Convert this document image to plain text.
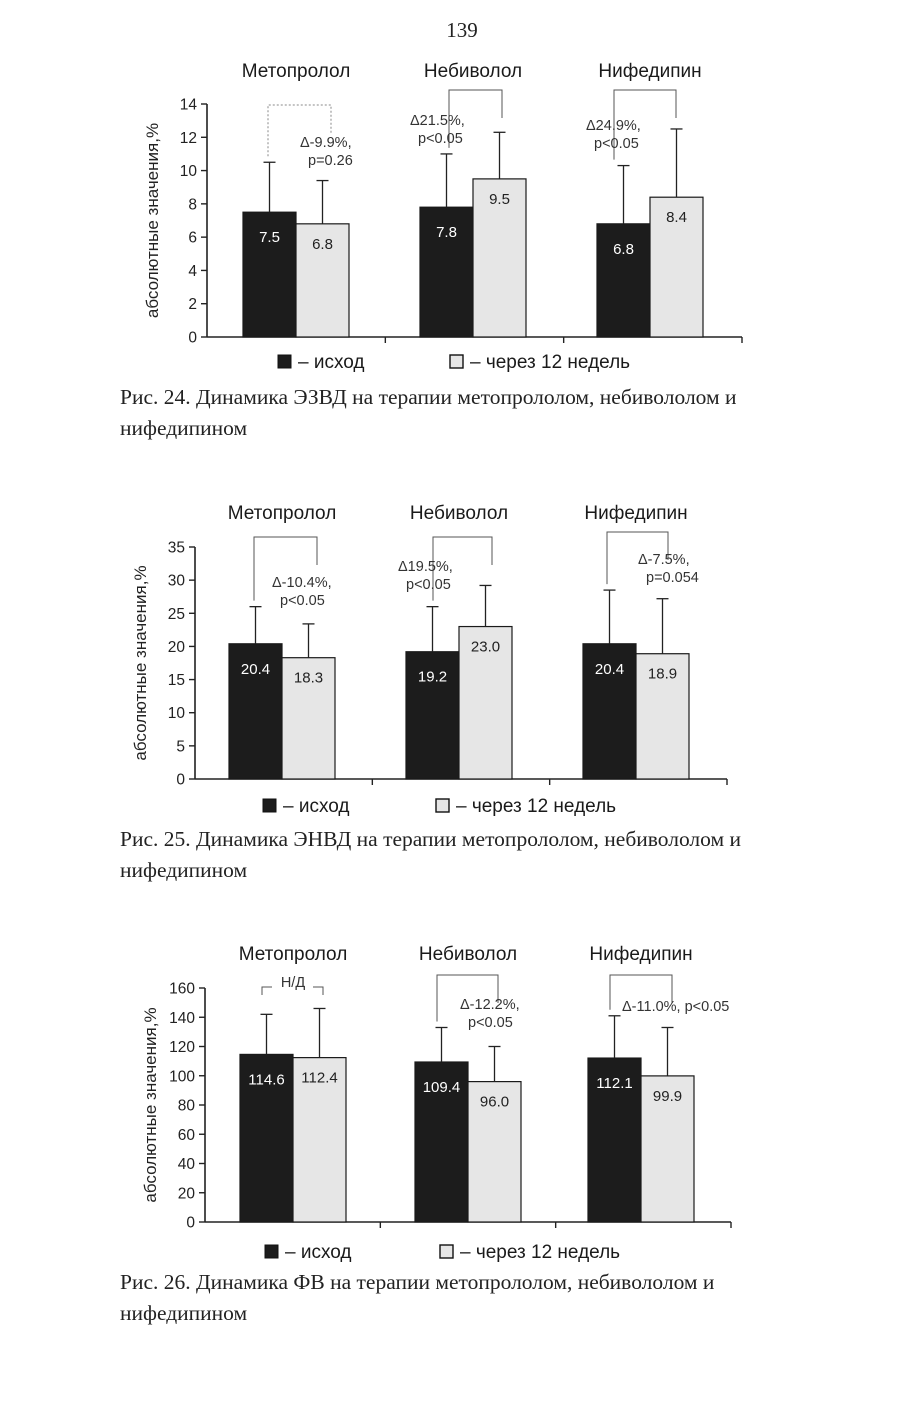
139
Метопролол	Небиволол	Нифедипин
абсолютные значения,%
0
2
4
6
8
10
12
14
7.5	7.8
6.8
6.8
9.5
8.4
Δ-9.9%,
p=0.26
Δ21.5%,
p<0.05
Δ24.9%,
p<0.05
– исход	– через 12 недель
Рис. 24. Динамика ЭЗВД на терапии метопрололом, небивололом и нифедипином
Метопролол	Небиволол	Нифедипин
абсолютные значения,%
0
5
10
15
20
25
30
35
20.4	19.2	20.4
18.3
23.0
18.9
Δ-10.4%,
p<0.05
Δ19.5%,
p<0.05
Δ-7.5%,
p=0.054
– исход	– через 12 недель
Рис. 25. Динамика ЭНВД на терапии метопрололом, небивололом и нифедипином
Метопролол	Небиволол	Нифедипин
абсолютные значения,%
0
20
40
60
80
100
120
140
160
114.6	109.4	112.1
112.4
96.0	99.9
Н/Д
Δ-12.2%,
p<0.05
Δ-11.0%, p<0.05
– исход	– через 12 недель
Рис. 26. Динамика ФВ на терапии метопрололом, небивололом и нифедипином
